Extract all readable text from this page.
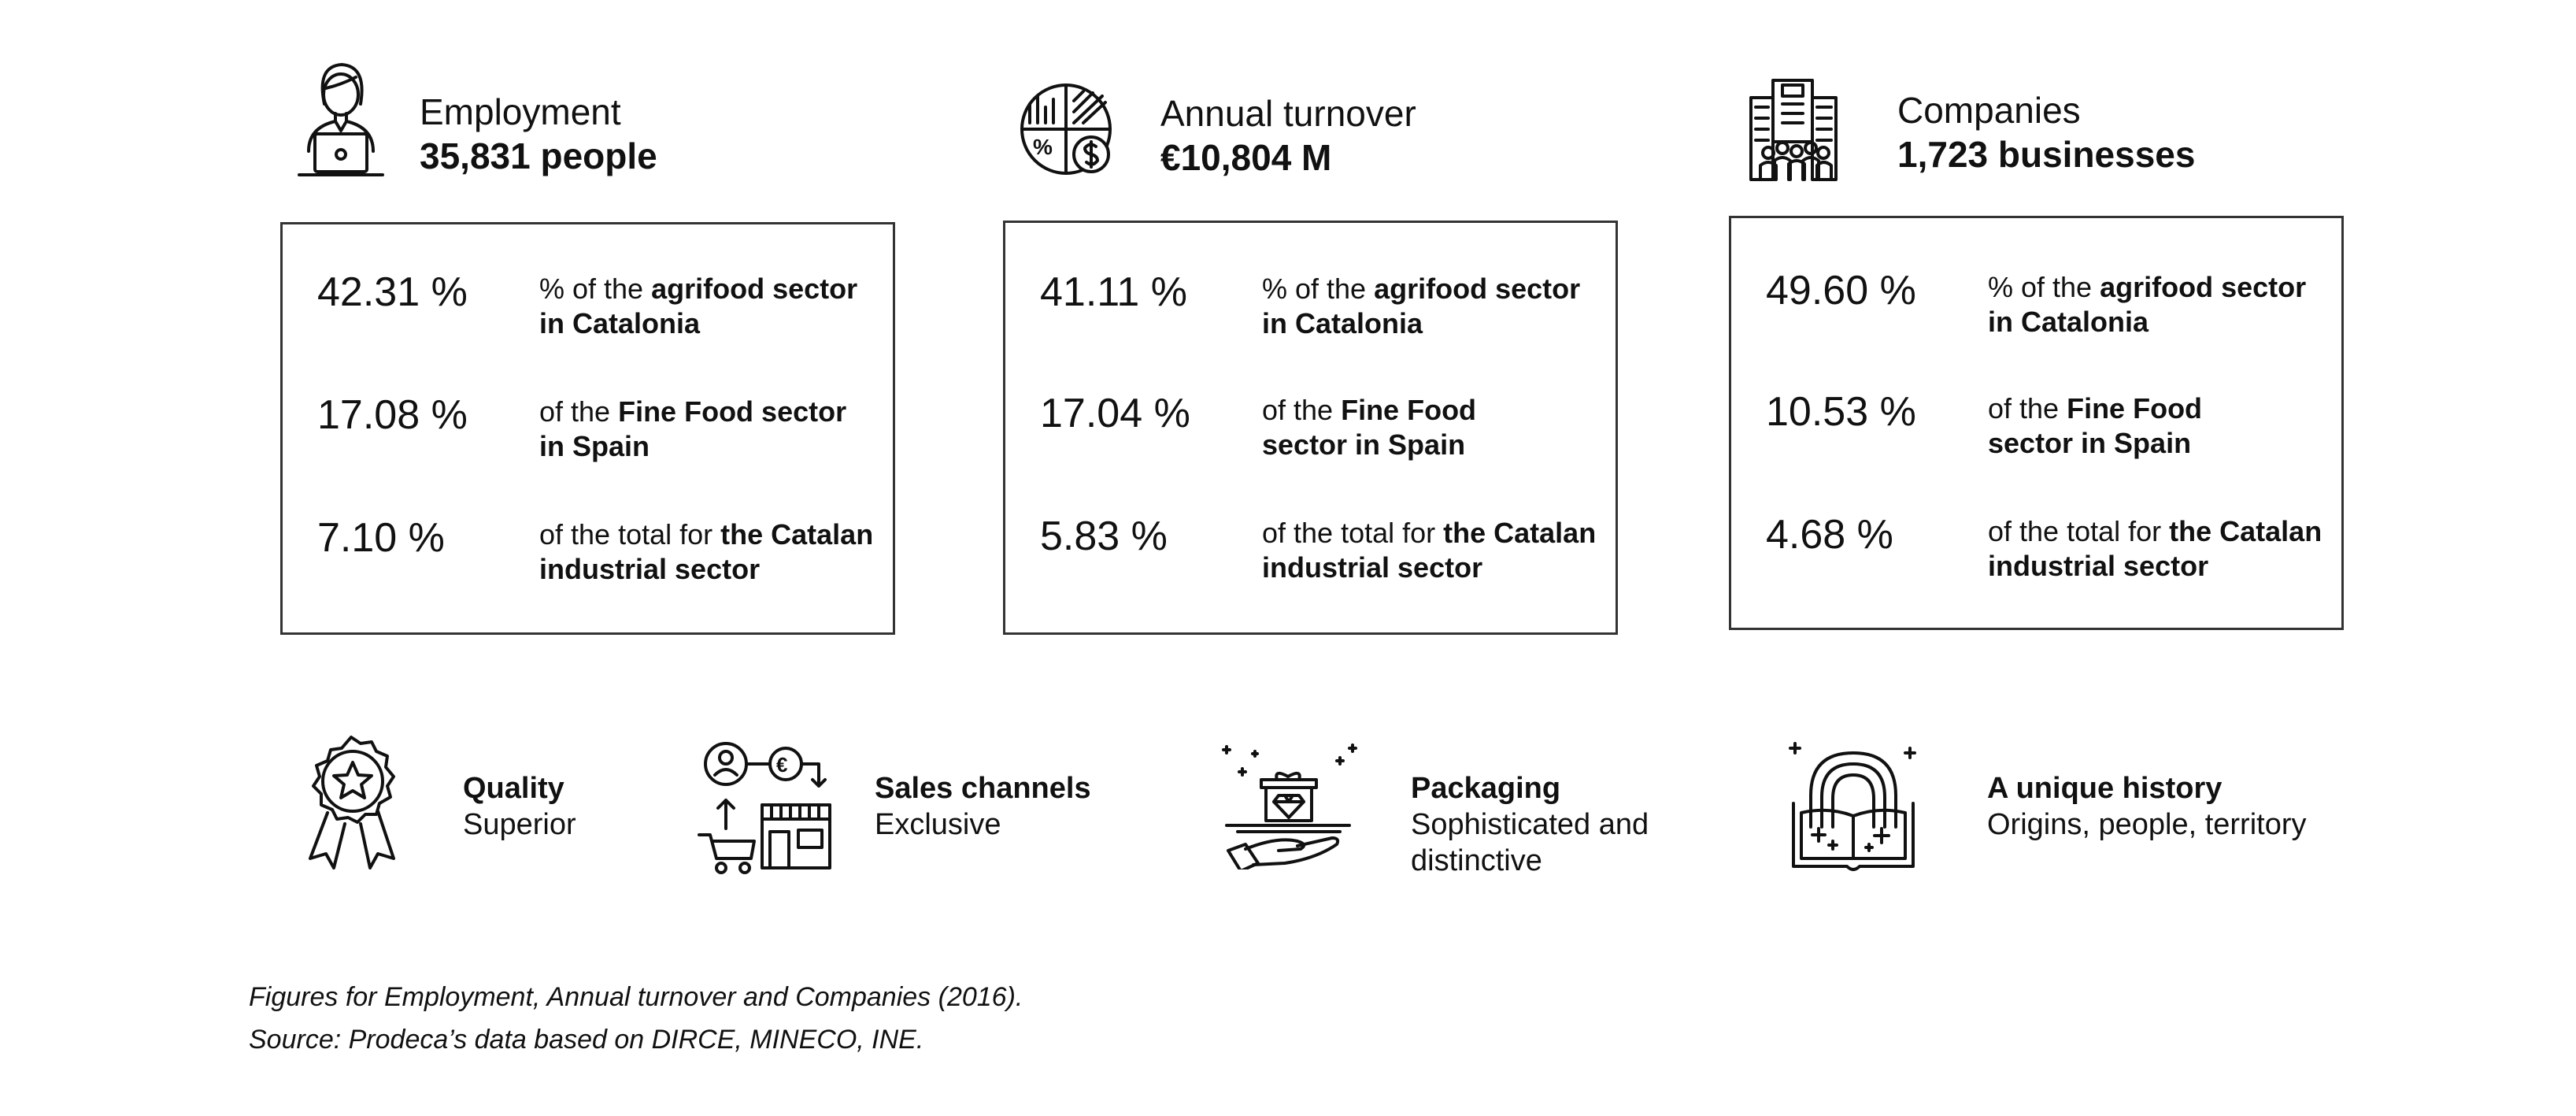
Employment
35,831 people	%
Annual turnover
€10,804 M
Companies
1,723 businesses
42.31 %	% of the agrifood sector in Catalonia
17.08 %	of the Fine Food sector in Spain
7.10 %	of the total for the Catalan industrial sector
41.11 %	% of the agrifood sector in Catalonia
17.04 %	of the Fine Food sector in Spain
5.83 %	of the total for the Catalan industrial sector
49.60 %	% of the agrifood sector in Catalonia
10.53 %	of the Fine Food sector in Spain
4.68 %	of the total for the Catalan industrial sector
Quality
Superior
€
Sales channels
Exclusive
Packaging
Sophisticated and distinctive
A unique history
Origins, people, territory
Figures for Employment, Annual turnover and Companies (2016).
Source: Prodeca’s data based on DIRCE, MINECO, INE.
